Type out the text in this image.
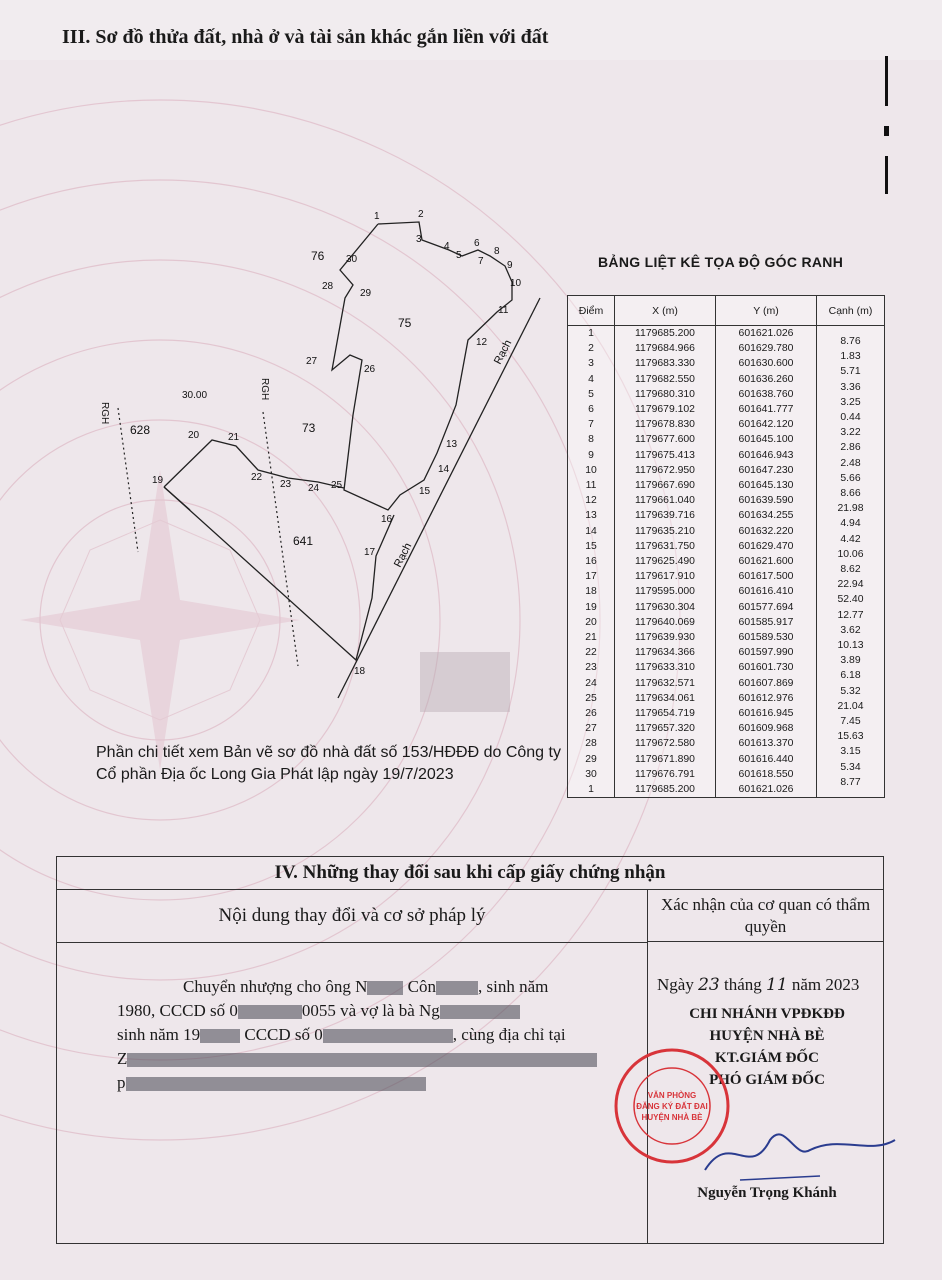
III. Sơ đồ thửa đất, nhà ở và tài sản khác gắn liền với đất
1	2
3
4
5
6
7
8
9
10
11
12
13
14
15
16
17
18
19
20	21
22
23 24 25
26
27
28
29
30
76
75
73
628
641
30.00
RGH
RGH
Rạch
Rạch
BẢNG LIỆT KÊ TỌA ĐỘ GÓC RANH
Điểm	X (m)	Y (m)	Cạnh (m)
1	1179685.200	601621.026	8.76
2	1179684.966	601629.780	1.83
3	1179683.330	601630.600	5.71
4	1179682.550	601636.260	3.36
5	1179680.310	601638.760	3.25
6	1179679.102	601641.777	0.44
7	1179678.830	601642.120	3.22
8	1179677.600	601645.100	2.86
9	1179675.413	601646.943	2.48
10	1179672.950	601647.230	5.66
11	1179667.690	601645.130	8.66
12	1179661.040	601639.590	21.98
13	1179639.716	601634.255	4.94
14	1179635.210	601632.220	4.42
15	1179631.750	601629.470	10.06
16	1179625.490	601621.600	8.62
17	1179617.910	601617.500	22.94
18	1179595.000	601616.410	52.40
19	1179630.304	601577.694	12.77
20	1179640.069	601585.917	3.62
21	1179639.930	601589.530	10.13
22	1179634.366	601597.990	3.89
23	1179633.310	601601.730	6.18
24	1179632.571	601607.869	5.32
25	1179634.061	601612.976	21.04
26	1179654.719	601616.945	7.45
27	1179657.320	601609.968	15.63
28	1179672.580	601613.370	3.15
29	1179671.890	601616.440	5.34
30	1179676.791	601618.550	8.77
1	1179685.200	601621.026	
Phần chi tiết xem Bản vẽ sơ đồ nhà đất số 153/HĐĐĐ do Công ty Cổ phần Địa ốc Long Gia Phát lập ngày 19/7/2023
IV. Những thay đổi sau khi cấp giấy chứng nhận
Nội dung thay đổi và cơ sở pháp lý
Xác nhận của cơ quan có thẩm quyền
Chuyển nhượng cho ông N Côn , sinh năm
1980, CCCD số 0	0055 và vợ là bà Ng
sinh năm 19	CCCD số 0	, cùng địa chỉ tại
Z
p
Ngày 23 tháng 11 năm 2023
CHI NHÁNH VPĐKĐĐ
HUYỆN NHÀ BÈ
KT.GIÁM ĐỐC
PHÓ GIÁM ĐỐC
Nguyễn Trọng Khánh
VĂN PHÒNG
ĐĂNG KÝ ĐẤT ĐAI
HUYỆN NHÀ BÈ
